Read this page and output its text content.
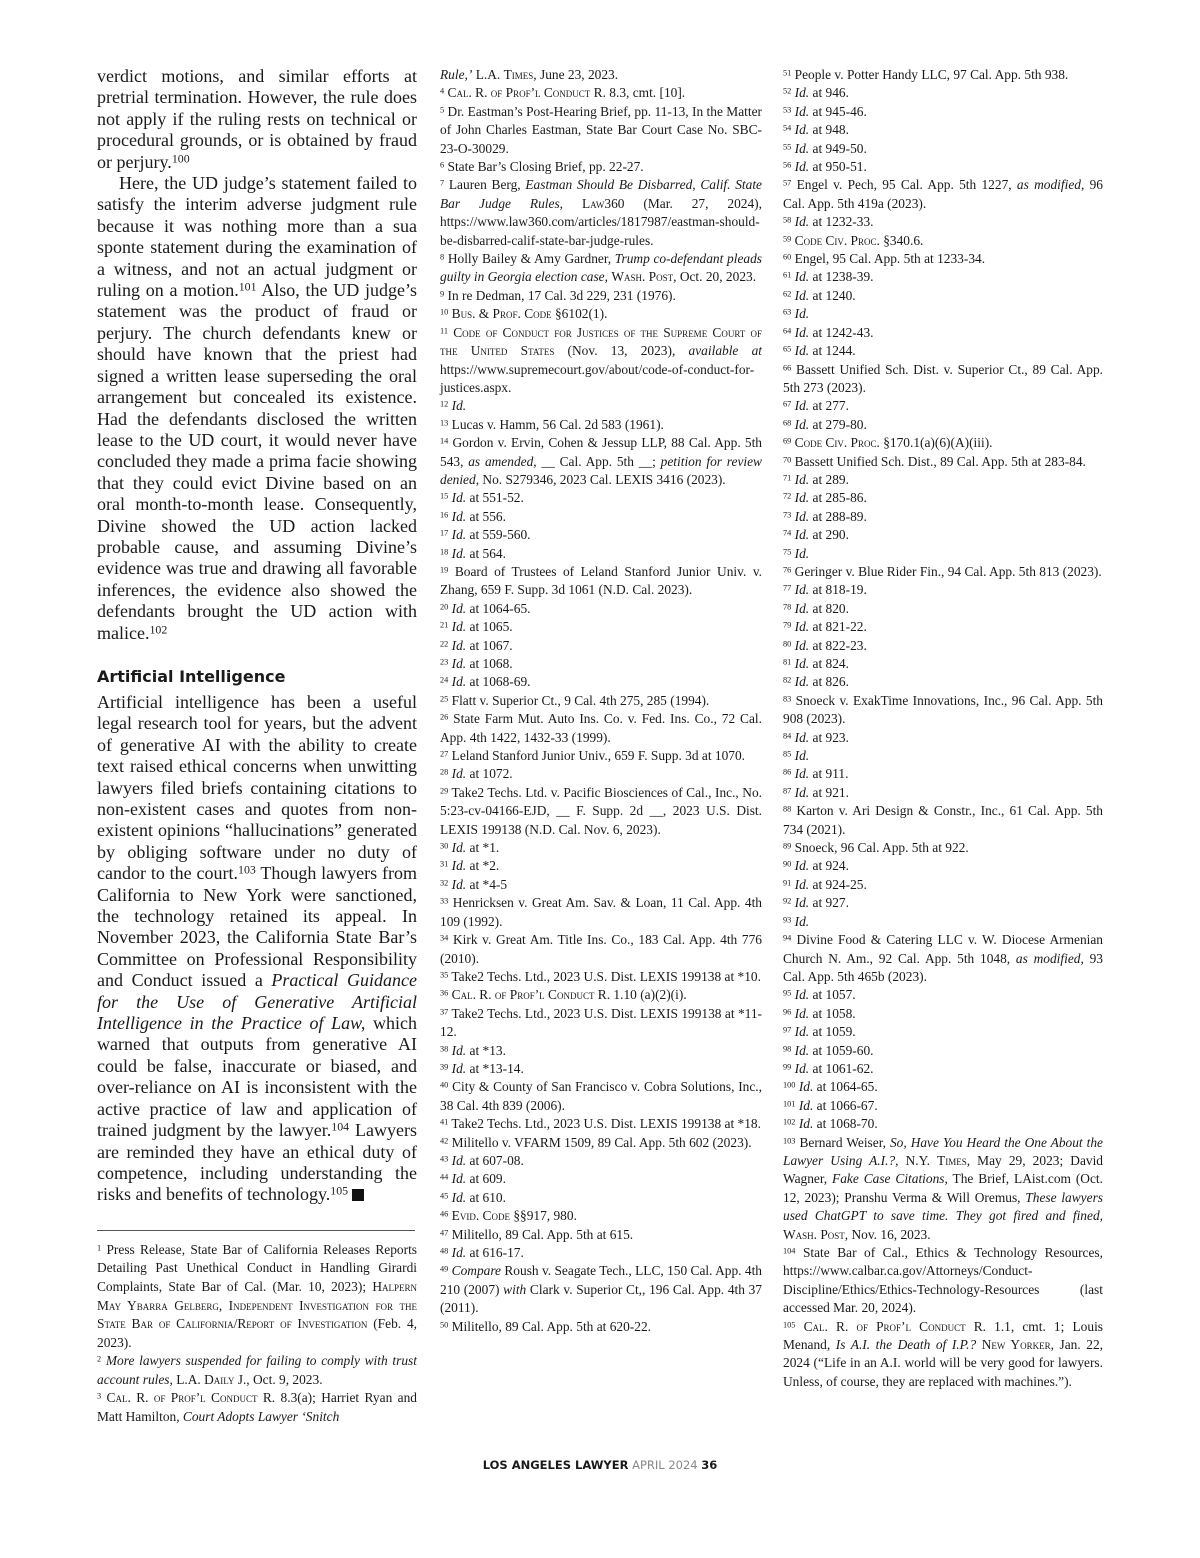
verdict motions, and similar efforts at pretrial termination. However, the rule does not apply if the ruling rests on technical or procedural grounds, or is obtained by fraud or perjury.$^{100}$

Here, the UD judge’s statement failed to satisfy the interim adverse judgment rule because it was nothing more than a sua sponte statement during the examination of a witness, and not an actual judgment or ruling on a motion.$^{101}$ Also, the UD judge’s statement was the product of fraud or perjury. The church defendants knew or should have known that the priest had signed a written lease superseding the oral arrangement but concealed its existence. Had the defendants disclosed the written lease to the UD court, it would never have concluded they made a prima facie showing that they could evict Divine based on an oral month-to-month lease. Consequently, Divine showed the UD action lacked probable cause, and assuming Divine’s evidence was true and drawing all favorable inferences, the evidence also showed the defendants brought the UD action with malice.$^{102}$

Artificial Intelligence

Artificial intelligence has been a useful legal research tool for years, but the advent of generative AI with the ability to create text raised ethical concerns when unwitting lawyers filed briefs containing citations to non-existent cases and quotes from non-existent opinions “hallucinations” generated by obliging software under no duty of candor to the court.$^{103}$ Though lawyers from California to New York were sanctioned, the technology retained its appeal. In November 2023, the California State Bar’s Committee on Professional Responsibility and Conduct issued a Practical Guidance for the Use of Generative Artificial Intelligence in the Practice of Law, which warned that outputs from generative AI could be false, inaccurate or biased, and over-reliance on AI is inconsistent with the active practice of law and application of trained judgment by the lawyer.$^{104}$ Lawyers are reminded they have an ethical duty of competence, including understanding the risks and benefits of technology.$^{105}$

$^1$ Press Release, State Bar of California Releases Reports Detailing Past Unethical Conduct in Handling Girardi Complaints, State Bar of Cal. (Mar. 10, 2023); Halpern May Ybarra Gelberg, Independent Investigation for the State Bar of California/Report of Investigation (Feb. 4, 2023).

$^2$ More lawyers suspended for failing to comply with trust account rules, L.A. Daily J., Oct. 9, 2023.

$^3$ Cal. R. of Prof’l Conduct R. 8.3(a); Harriet Ryan and Matt Hamilton, Court Adopts Lawyer ‘Snitch

Rule,’ L.A. Times, June 23, 2023.

$^4$ Cal. R. of Prof’l Conduct R. 8.3, cmt. [10].

$^5$ Dr. Eastman’s Post-Hearing Brief, pp. 11-13, In the Matter of John Charles Eastman, State Bar Court Case No. SBC-23-O-30029.

$^6$ State Bar’s Closing Brief, pp. 22-27.

$^7$ Lauren Berg, Eastman Should Be Disbarred, Calif. State Bar Judge Rules, Law360 (Mar. 27, 2024), https://www.law360.com/articles/1817987/eastman-should-be-disbarred-calif-state-bar-judge-rules.

$^8$ Holly Bailey & Amy Gardner, Trump co-defendant pleads guilty in Georgia election case, Wash. Post, Oct. 20, 2023.

$^9$ In re Dedman, 17 Cal. 3d 229, 231 (1976).

$^{10}$ Bus. & Prof. Code §6102(1).

$^{11}$ Code of Conduct for Justices of the Supreme Court of the United States (Nov. 13, 2023), available at https://www.supremecourt.gov/about/code-of-conduct-for-justices.aspx.

$^{12}$ Id.

$^{13}$ Lucas v. Hamm, 56 Cal. 2d 583 (1961).

$^{14}$ Gordon v. Ervin, Cohen & Jessup LLP, 88 Cal. App. 5th 543, as amended, __ Cal. App. 5th __; petition for review denied, No. S279346, 2023 Cal. LEXIS 3416 (2023).

$^{15}$ Id. at 551-52.

$^{16}$ Id. at 556.

$^{17}$ Id. at 559-560.

$^{18}$ Id. at 564.

$^{19}$ Board of Trustees of Leland Stanford Junior Univ. v. Zhang, 659 F. Supp. 3d 1061 (N.D. Cal. 2023).

$^{20}$ Id. at 1064-65.

$^{21}$ Id. at 1065.

$^{22}$ Id. at 1067.

$^{23}$ Id. at 1068.

$^{24}$ Id. at 1068-69.

$^{25}$ Flatt v. Superior Ct., 9 Cal. 4th 275, 285 (1994).

$^{26}$ State Farm Mut. Auto Ins. Co. v. Fed. Ins. Co., 72 Cal. App. 4th 1422, 1432-33 (1999).

$^{27}$ Leland Stanford Junior Univ., 659 F. Supp. 3d at 1070.

$^{28}$ Id. at 1072.

$^{29}$ Take2 Techs. Ltd. v. Pacific Biosciences of Cal., Inc., No. 5:23-cv-04166-EJD, __ F. Supp. 2d __, 2023 U.S. Dist. LEXIS 199138 (N.D. Cal. Nov. 6, 2023).

$^{30}$ Id. at *1.

$^{31}$ Id. at *2.

$^{32}$ Id. at *4-5

$^{33}$ Henricksen v. Great Am. Sav. & Loan, 11 Cal. App. 4th 109 (1992).

$^{34}$ Kirk v. Great Am. Title Ins. Co., 183 Cal. App. 4th 776 (2010).

$^{35}$ Take2 Techs. Ltd., 2023 U.S. Dist. LEXIS 199138 at *10.

$^{36}$ Cal. R. of Prof’l Conduct R. 1.10 (a)(2)(i).

$^{37}$ Take2 Techs. Ltd., 2023 U.S. Dist. LEXIS 199138 at *11-12.

$^{38}$ Id. at *13.

$^{39}$ Id. at *13-14.

$^{40}$ City & County of San Francisco v. Cobra Solutions, Inc., 38 Cal. 4th 839 (2006).

$^{41}$ Take2 Techs. Ltd., 2023 U.S. Dist. LEXIS 199138 at *18.

$^{42}$ Militello v. VFARM 1509, 89 Cal. App. 5th 602 (2023).

$^{43}$ Id. at 607-08.

$^{44}$ Id. at 609.

$^{45}$ Id. at 610.

$^{46}$ Evid. Code §§917, 980.

$^{47}$ Militello, 89 Cal. App. 5th at 615.

$^{48}$ Id. at 616-17.

$^{49}$ Compare Roush v. Seagate Tech., LLC, 150 Cal. App. 4th 210 (2007) with Clark v. Superior Ct,, 196 Cal. App. 4th 37 (2011).

$^{50}$ Militello, 89 Cal. App. 5th at 620-22.

$^{51}$ People v. Potter Handy LLC, 97 Cal. App. 5th 938.

$^{52}$ Id. at 946.

$^{53}$ Id. at 945-46.

$^{54}$ Id. at 948.

$^{55}$ Id. at 949-50.

$^{56}$ Id. at 950-51.

$^{57}$ Engel v. Pech, 95 Cal. App. 5th 1227, as modified, 96 Cal. App. 5th 419a (2023).

$^{58}$ Id. at 1232-33.

$^{59}$ Code Civ. Proc. §340.6.

$^{60}$ Engel, 95 Cal. App. 5th at 1233-34.

$^{61}$ Id. at 1238-39.

$^{62}$ Id. at 1240.

$^{63}$ Id.

$^{64}$ Id. at 1242-43.

$^{65}$ Id. at 1244.

$^{66}$ Bassett Unified Sch. Dist. v. Superior Ct., 89 Cal. App. 5th 273 (2023).

$^{67}$ Id. at 277.

$^{68}$ Id. at 279-80.

$^{69}$ Code Civ. Proc. §170.1(a)(6)(A)(iii).

$^{70}$ Bassett Unified Sch. Dist., 89 Cal. App. 5th at 283-84.

$^{71}$ Id. at 289.

$^{72}$ Id. at 285-86.

$^{73}$ Id. at 288-89.

$^{74}$ Id. at 290.

$^{75}$ Id.

$^{76}$ Geringer v. Blue Rider Fin., 94 Cal. App. 5th 813 (2023).

$^{77}$ Id. at 818-19.

$^{78}$ Id. at 820.

$^{79}$ Id. at 821-22.

$^{80}$ Id. at 822-23.

$^{81}$ Id. at 824.

$^{82}$ Id. at 826.

$^{83}$ Snoeck v. ExakTime Innovations, Inc., 96 Cal. App. 5th 908 (2023).

$^{84}$ Id. at 923.

$^{85}$ Id.

$^{86}$ Id. at 911.

$^{87}$ Id. at 921.

$^{88}$ Karton v. Ari Design & Constr., Inc., 61 Cal. App. 5th 734 (2021).

$^{89}$ Snoeck, 96 Cal. App. 5th at 922.

$^{90}$ Id. at 924.

$^{91}$ Id. at 924-25.

$^{92}$ Id. at 927.

$^{93}$ Id.

$^{94}$ Divine Food & Catering LLC v. W. Diocese Armenian Church N. Am., 92 Cal. App. 5th 1048, as modified, 93 Cal. App. 5th 465b (2023).

$^{95}$ Id. at 1057.

$^{96}$ Id. at 1058.

$^{97}$ Id. at 1059.

$^{98}$ Id. at 1059-60.

$^{99}$ Id. at 1061-62.

$^{100}$ Id. at 1064-65.

$^{101}$ Id. at 1066-67.

$^{102}$ Id. at 1068-70.

$^{103}$ Bernard Weiser, So, Have You Heard the One About the Lawyer Using A.I.?, N.Y. Times, May 29, 2023; David Wagner, Fake Case Citations, The Brief, LAist.com (Oct. 12, 2023); Pranshu Verma & Will Oremus, These lawyers used ChatGPT to save time. They got fired and fined, Wash. Post, Nov. 16, 2023.

$^{104}$ State Bar of Cal., Ethics & Technology Resources, https://www.calbar.ca.gov/Attorneys/Conduct-Discipline/Ethics/Ethics-Technology-Resources (last accessed Mar. 20, 2024).

$^{105}$ Cal. R. of Prof’l Conduct R. 1.1, cmt. 1; Louis Menand, Is A.I. the Death of I.P.? New Yorker, Jan. 22, 2024 (“Life in an A.I. world will be very good for lawyers. Unless, of course, they are replaced with machines.”).

LOS ANGELES LAWYER APRIL 2024 36
